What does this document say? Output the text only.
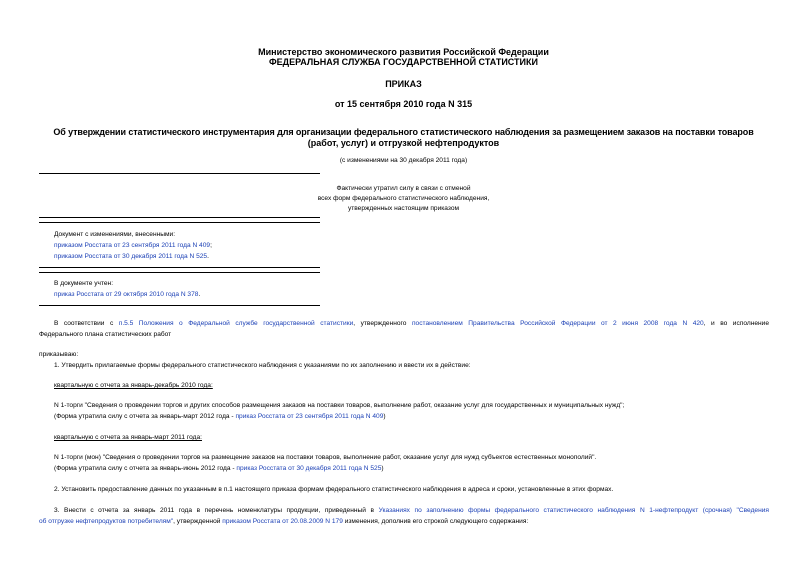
Министерство экономического развития Российской Федерации
ФЕДЕРАЛЬНАЯ СЛУЖБА ГОСУДАРСТВЕННОЙ СТАТИСТИКИ
ПРИКАЗ
от 15 сентября 2010 года N 315
Об утверждении статистического инструментария для организации федерального статистического наблюдения за размещением заказов на поставки товаров
(работ, услуг) и отгрузкой нефтепродуктов
(с изменениями на 30 декабря 2011 года)
Фактически утратил силу в связи с отменой
всех форм федерального статистического наблюдения,
утвержденных настоящим приказом
Документ с изменениями, внесенными:
приказом Росстата от 23 сентября 2011 года N 409;
приказом Росстата от 30 декабря 2011 года N 525.
В документе учтен:
приказ Росстата от 29 октября 2010 года N 378.
В соответствии с п.5.5 Положения о Федеральной службе государственной статистики, утвержденного постановлением Правительства Российской Федерации от 2 июня 2008 года N 420, и во исполнение
Федерального плана статистических работ
приказываю:
1. Утвердить прилагаемые формы федерального статистического наблюдения с указаниями по их заполнению и ввести их в действие:
квартальную с отчета за январь-декабрь 2010 года:
N 1-торги "Сведения о проведении торгов и других способов размещения заказов на поставки товаров, выполнение работ, оказание услуг для государственных и муниципальных нужд";
(Форма утратила силу с отчета за январь-март 2012 года - приказ Росстата от 23 сентября 2011 года N 409)
квартальную с отчета за январь-март 2011 года:
N 1-торги (мон) "Сведения о проведении торгов на размещение заказов на поставки товаров, выполнение работ, оказание услуг для нужд субъектов естественных монополий".
(Форма утратила силу с отчета за январь-июнь 2012 года - приказ Росстата от 30 декабря 2011 года N 525)
2. Установить предоставление данных по указанным в п.1 настоящего приказа формам федерального статистического наблюдения в адреса и сроки, установленные в этих формах.
3. Внести с отчета за январь 2011 года в перечень номенклатуры продукции, приведенный в Указаниях по заполнению формы федерального статистического наблюдения N 1-нефтепродукт (срочная) "Сведения
об отгрузке нефтепродуктов потребителям", утвержденной приказом Росстата от 20.08.2009 N 179 изменения, дополнив его строкой следующего содержания:
